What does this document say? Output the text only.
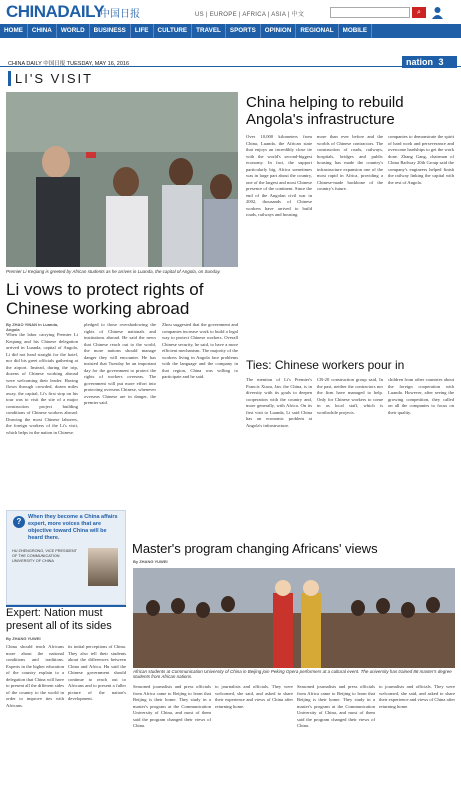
CHINADAILY
中国日报	US | EUROPE | AFRICA | ASIA | 中文	⌕
HOME	CHINA	WORLD	BUSINESS	LIFE	CULTURE	TRAVEL	SPORTS	OPINION	REGIONAL	MOBILE
CHINA DAILY 中国日报 TUESDAY, MAY 16, 2016	nation 3
LI'S VISIT
Premier Li Keqiang is greeted by African students as he arrives in Luanda, the capital of Angola, on Sunday.
Li vows to protect rights of Chinese working abroad
By ZHAO YINAN in Luanda, Angola
When the labor carrying Premier Li Keqiang and his Chinese delegation arrived in Luanda, capital of Angola, Li did not head straight for the hotel, nor did his greet officials gathering at the airport. Instead, during the trip, dozens of Chinese working abroad were welcoming their leader. Having flown through crowded, dozen miles away, the capital, Li's first stop on his tour was to visit the site of a major construction project building conditions of Chinese workers abroad. Drawing the most Chinese laborers, the foreign workers of the Li's visit, which helps in the nation in Chinese.
pledged to those overshadowing the rights of Chinese nationals and institutions abroad. He said the news that Chinese reach out to the world, the more nations should manage danger they will encounter. He has insisted that Tuesday be an important day for the government to protect the rights of workers overseas. The government will put more effort into protecting overseas Chinese, whenever overseas Chinese are in danger, the premier said.
Zhou suggested that the government and companies increase work to build a legal way to protect Chinese workers. Overall Chinese security, he said, to have a more efficient mechanism. The majority of the workers living in Angola face problems with the language and the company in that region, China was willing to participate and he said.
China helping to rebuild Angola's infrastructure
Over 10,000 kilometers from China, Luanda, the African state that enjoys an incredibly close tie with the world's second-biggest economy. In fact, the support particularly big, Africa sometimes was in large part about the country, one of the largest and most Chinese presence of the continent. Since the end of the Angolan civil war in 2002, thousands of Chinese workers have arrived to build roads, railways and housing.
more than ever before and the worlds of Chinese contractors. The construction of roads, railways, hospitals, bridges and public housing has made the country's infrastructure expansion one of the most rapid in Africa, providing a Chinese-made backbone of the country's future.
companies to demonstrate the spirit of hard work and perseverance and overcome hardships to get the work done. Zhang Gang, chairman of China Railway 20th Group said the company's engineers helped finish the railway linking the capital with the rest of Angola.
Ties: Chinese workers pour in
The mention of Li's Premier's Francis Xiaoa, Jan. the China, is in diversity with its goals to deepen cooperation with the country and, more generally, with Africa. On its first visit to Luanda, Li said China has an economic problem at Angola's infrastructure.
CR-20 construction group said, In the past, neither the contractors nor the firm have managed to help. Only for Chinese workers to come in as local staff, which is worthwhile projects.
children from other countries about the foreign cooperation with Luanda. However, after seeing the growing competition, they called on all the companies to focus on their quality.
?	When they become a China affairs expert, more voices that are objective toward China will be heard there.
HU ZHENGRONG, VICE PRESIDENT OF THE COMMUNICATION UNIVERSITY OF CHINA
Expert: Nation must present all of its sides
By ZHANG YUWEI
China should teach Africans more about the national conditions and traditions. Experts in the higher education of the country explain to a delegation that China will have to present all the different sides of the country to the world in order to improve ties with Africans.
its initial perceptions of China. They also tell their students about the differences between China and Africa. Hu said the Chinese government should continue to reach out to Africans and to present a fuller picture of the nation's development.
Master's program changing Africans' views
By ZHANG YUWEI
African students at Communication University of China in Beijing join Peking Opera performers at a cultural event. The university has trained 86 master's degree students from African nations.
Seasoned journalists and press officials from Africa came to Beijing to learn that Beijing is their home. They study in a master's program at the Communication University of China, and most of them said the program changed their views of China.
to journalists and officials. They were welcomed, she said, and asked to share their experience and views of China after returning home.
Seasoned journalists and press officials from Africa came to Beijing to learn that Beijing is their home. They study in a master's program at the Communication University of China, and most of them said the program changed their views of China.
to journalists and officials. They were welcomed, she said, and asked to share their experience and views of China after returning home.
